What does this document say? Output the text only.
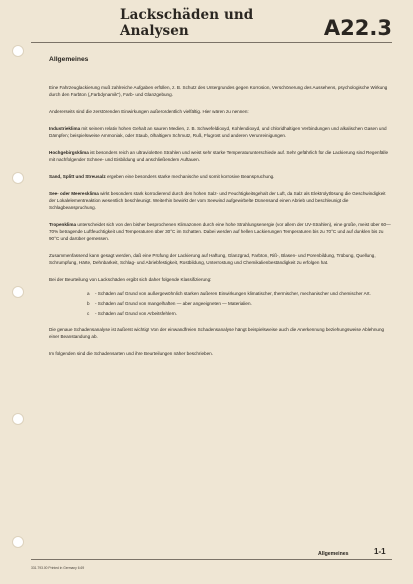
Lackschäden und Analysen	A22.3
Allgemeines

Eine Fahrzeuglackierung muß zahlreiche Aufgaben erfüllen, z. B. Schutz des Untergrundes gegen Korrosion, Verschönerung des Aussehens, psychologische Wirkung durch den Farbton („Farbdynamik"), Farb- und Glanzgebung.

Andererseits sind die zerstörenden Einwirkungen außerordentlich vielfältig. Hier wären zu nennen:

Industrieklima mit seinem relativ hohen Gehalt an sauren Medien, z. B. Schwefeldioxyd, Kohlendioxyd, und chloridhaltigen Verbindungen und alkalischen Gasen und Dämpfen; beispielsweise Ammoniak, oder Staub, ölhaltigem Schmutz, Ruß, Flugrost und anderen Verunreinigungen.

Hochgebirgsklima ist besonders reich an ultravioletten Strahlen und weist sehr starke Temperaturunterschiede auf. Sehr gefährlich für die Lackierung sind Regenfälle mit nachfolgender Schnee- und Eisbildung und anschließendem Auftauen.

Sand, Splitt und Streusalz ergeben eine besonders starke mechanische und somit korrosive Beanspruchung.

See- oder Meeresklima wirkt besonders stark korrodierend durch den hohen Salz- und Feuchtigkeitsgehalt der Luft, da Salz als Elektrolytlösung die Geschwindigkeit der Lokalelementreaktion wesentlich beschleunigt. Weiterhin bewirkt der vom Seewind aufgewirbelte Dünensand einen Abrieb und beschleunigt die Schlagbeanspruchung.

Tropenklima unterscheidet sich von den bisher besprochenen Klimazonen durch eine hohe Strahlungsenergie (vor allem der UV-Strahlen), eine große, meist über 60—70% betragende Luftfeuchtigkeit und Temperaturen über 30°C im Schatten. Dabei werden auf hellen Lackierungen Temperaturen bis zu 70°C und auf dunklen bis zu 90°C und darüber gemessen.

Zusammenfassend kann gesagt werden, daß eine Prüfung der Lackierung auf Haftung, Glanzgrad, Farbton, Riß-, Blasen- und Porenbildung, Trübung, Quellung, Schrumpfung, Härte, Dehnbarkeit, Schlag- und Abriebfestigkeit, Rostbildung, Unterrostung und Chemikalienbeständigkeit zu erfolgen hat.

Bei der Beurteilung von Lackschäden ergibt sich daher folgende Klassifizierung:

a	- Schäden auf Grund von außergewöhnlich starken äußeren Einwirkungen klimatischer, thermischer, mechanischer und chemischer Art.
b	- Schäden auf Grund von mangelhaften — aber angeeigneten — Materialien.
c	- Schäden auf Grund von Arbeitsfehlern.

Die genaue Schadensanalyse ist äußerst wichtig! Von der einwandfreien Schadensanalyse hängt beispielsweise auch die Anerkennung beziehungsweise Ablehnung einer Beanstandung ab.

Im folgenden sind die Schadensarten und ihre Beurteilungen näher beschrieben.

Allgemeines	1-1
331.793.00 Printed in Germany 6.69
